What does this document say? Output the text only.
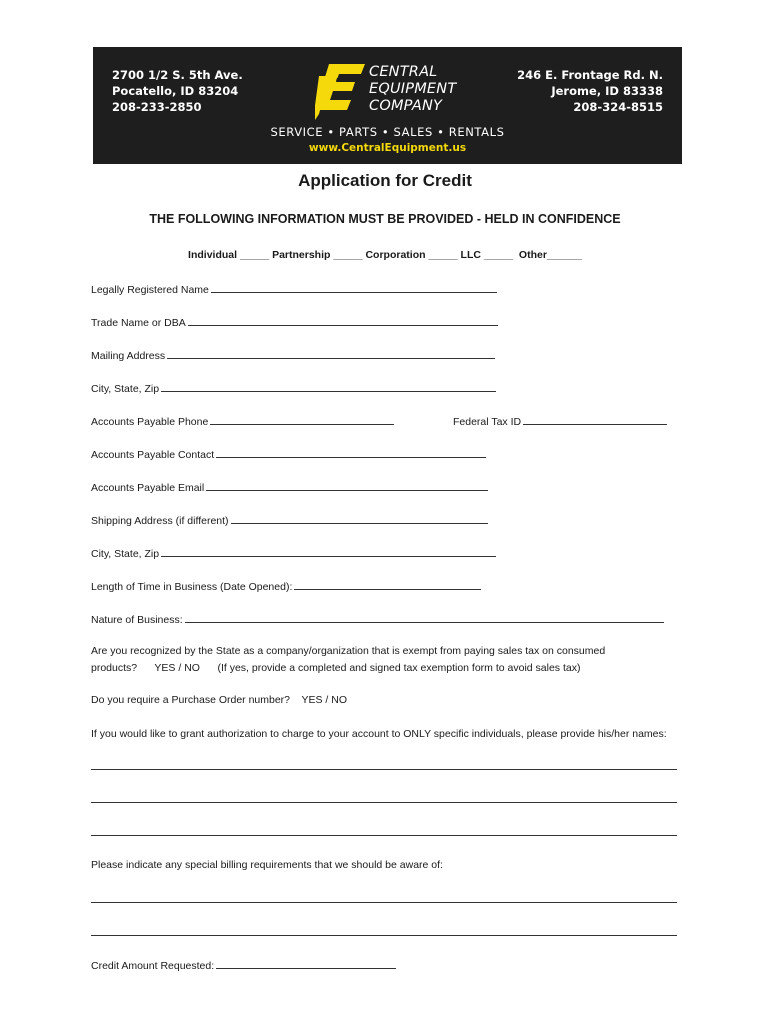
2700 1/2 S. 5th Ave.
Pocatello, ID 83204
208-233-2850
CENTRAL
EQUIPMENT
COMPANY
246 E. Frontage Rd. N.
Jerome, ID 83338
208-324-8515
SERVICE • PARTS • SALES • RENTALS
www.CentralEquipment.us
Application for Credit
THE FOLLOWING INFORMATION MUST BE PROVIDED - HELD IN CONFIDENCE
Individual _____ Partnership _____ Corporation _____ LLC _____  Other______
Legally Registered Name
Trade Name or DBA
Mailing Address
City, State, Zip
Accounts Payable Phone	Federal Tax ID
Accounts Payable Contact
Accounts Payable Email
Shipping Address (if different)
City, State, Zip
Length of Time in Business (Date Opened):
Nature of Business:
Are you recognized by the State as a company/organization that is exempt from paying sales tax on consumed
products?      YES / NO      (If yes, provide a completed and signed tax exemption form to avoid sales tax)
Do you require a Purchase Order number?    YES / NO
If you would like to grant authorization to charge to your account to ONLY specific individuals, please provide his/her names:
Please indicate any special billing requirements that we should be aware of:
Credit Amount Requested:
